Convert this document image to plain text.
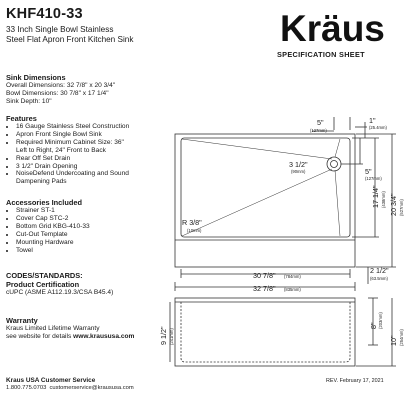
KHF410-33
33 Inch Single Bowl Stainless
Steel Flat Apron Front Kitchen Sink	Kräus
SPECIFICATION SHEET
Sink Dimensions
Overall Dimensions: 32 7/8" x 20 3/4"
Bowl Dimensions: 30 7/8" x 17 1/4"
Sink Depth: 10"
Features
• 16 Gauge Stainless Steel Construction
• Apron Front Single Bowl Sink
• Required Minimum Cabinet Size: 36"
Left to Right, 24" Front to Back
• Rear Off Set Drain
• 3 1/2" Drain Opening
• NoiseDefend Undercoating and Sound
Dampening Pads
Accessories Included
• Strainer ST-1
• Cover Cap STC-2
• Bottom Grid KBG-410-33
• Cut-Out Template
• Mounting Hardware
• Towel
CODES/STANDARDS:
Product Certification
cUPC (ASME A112.19.3/CSA B45.4)
Warranty
Kraus Limited Lifetime Warranty
see website for details www.kraususa.com
Kraus USA Customer Service
1.800.775.0703 customerservice@kraususa.com
REV. February 17, 2021
5"
(127mm)
1"
(25.4mm)
3 1/2"
(90mm)	5"
(127mm)
17 1/4" (438mm) 20 3/4" (527mm)
R 3/8"
(10mm)
30 7/8" (784mm)
32 7/8" (835mm)
2 1/2"
(63.5mm)
9 1/2" (241mm)
8" (203mm)
10" (254mm)
